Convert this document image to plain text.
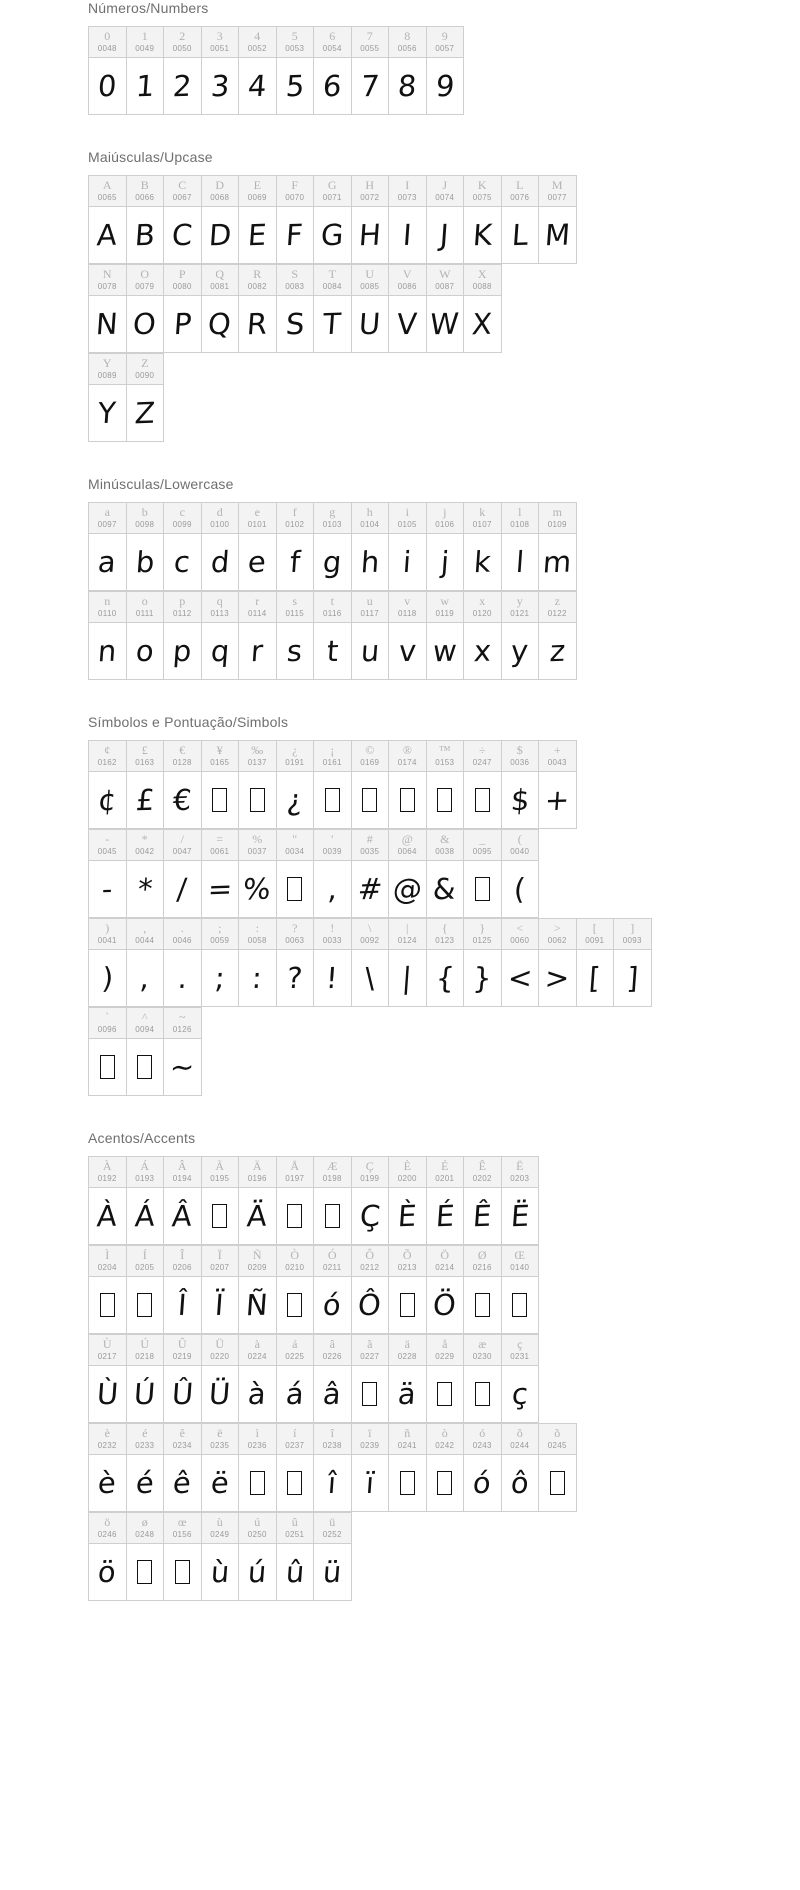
Números/Numbers
0
0048
0
1
0049
1
2
0050
2
3
0051
3
4
0052
4
5
0053
5
6
0054
6
7
0055
7
8
0056
8
9
0057
9
Maiúsculas/Upcase
A
0065
A
B
0066
B
C
0067
C
D
0068
D
E
0069
E
F
0070
F
G
0071
G
H
0072
H
I
0073
I
J
0074
J
K
0075
K
L
0076
L
M
0077
M
N
0078
N
O
0079
O
P
0080
P
Q
0081
Q
R
0082
R
S
0083
S
T
0084
T
U
0085
U
V
0086
V
W
0087
W
X
0088
X
Y
0089
Y
Z
0090
Z
Minúsculas/Lowercase
a
0097
a
b
0098
b
c
0099
c
d
0100
d
e
0101
e
f
0102
f
g
0103
g
h
0104
h
i
0105
i
j
0106
j
k
0107
k
l
0108
l
m
0109
m
n
0110
n
o
0111
o
p
0112
p
q
0113
q
r
0114
r
s
0115
s
t
0116
t
u
0117
u
v
0118
v
w
0119
w
x
0120
x
y
0121
y
z
0122
z
Símbolos e Pontuação/Simbols
¢
0162
¢
£
0163
£
€
0128
€
¥
0165
‰
0137
¿
0191
¿
¡
0161
©
0169
®
0174
™
0153
÷
0247
$
0036
$
+
0043
+
-
0045
-
*
0042
*
/
0047
/
=
0061
=
%
0037
%
"
0034
'
0039
,
#
0035
#
@
0064
@
&
0038
&
_
0095
(
0040
(
)
0041
)
,
0044
,
.
0046
.
;
0059
;
:
0058
:
?
0063
?
!
0033
!
\
0092
\
|
0124
|
{
0123
{
}
0125
}
<
0060
<
>
0062
>
[
0091
[
]
0093
]
`
0096
^
0094
~
0126
~
Acentos/Accents
À
0192
À
Á
0193
Á
Â
0194
Â
Ã
0195
Ä
0196
Ä
Å
0197
Æ
0198
Ç
0199
Ç
È
0200
È
É
0201
É
Ê
0202
Ê
Ë
0203
Ë
Ì
0204
Í
0205
Î
0206
Î
Ï
0207
Ï
Ñ
0209
Ñ
Ò
0210
Ó
0211
ó
Ô
0212
Ô
Õ
0213
Ö
0214
Ö
Ø
0216
Œ
0140
Ù
0217
Ù
Ú
0218
Ú
Û
0219
Û
Ü
0220
Ü
à
0224
à
á
0225
á
â
0226
â
ã
0227
ä
0228
ä
å
0229
æ
0230
ç
0231
ç
è
0232
è
é
0233
é
ê
0234
ê
ë
0235
ë
ì
0236
í
0237
î
0238
î
ï
0239
ï
ñ
0241
ò
0242
ó
0243
ó
ô
0244
ô
õ
0245
ö
0246
ö
ø
0248
œ
0156
ù
0249
ù
ú
0250
ú
û
0251
û
ü
0252
ü
